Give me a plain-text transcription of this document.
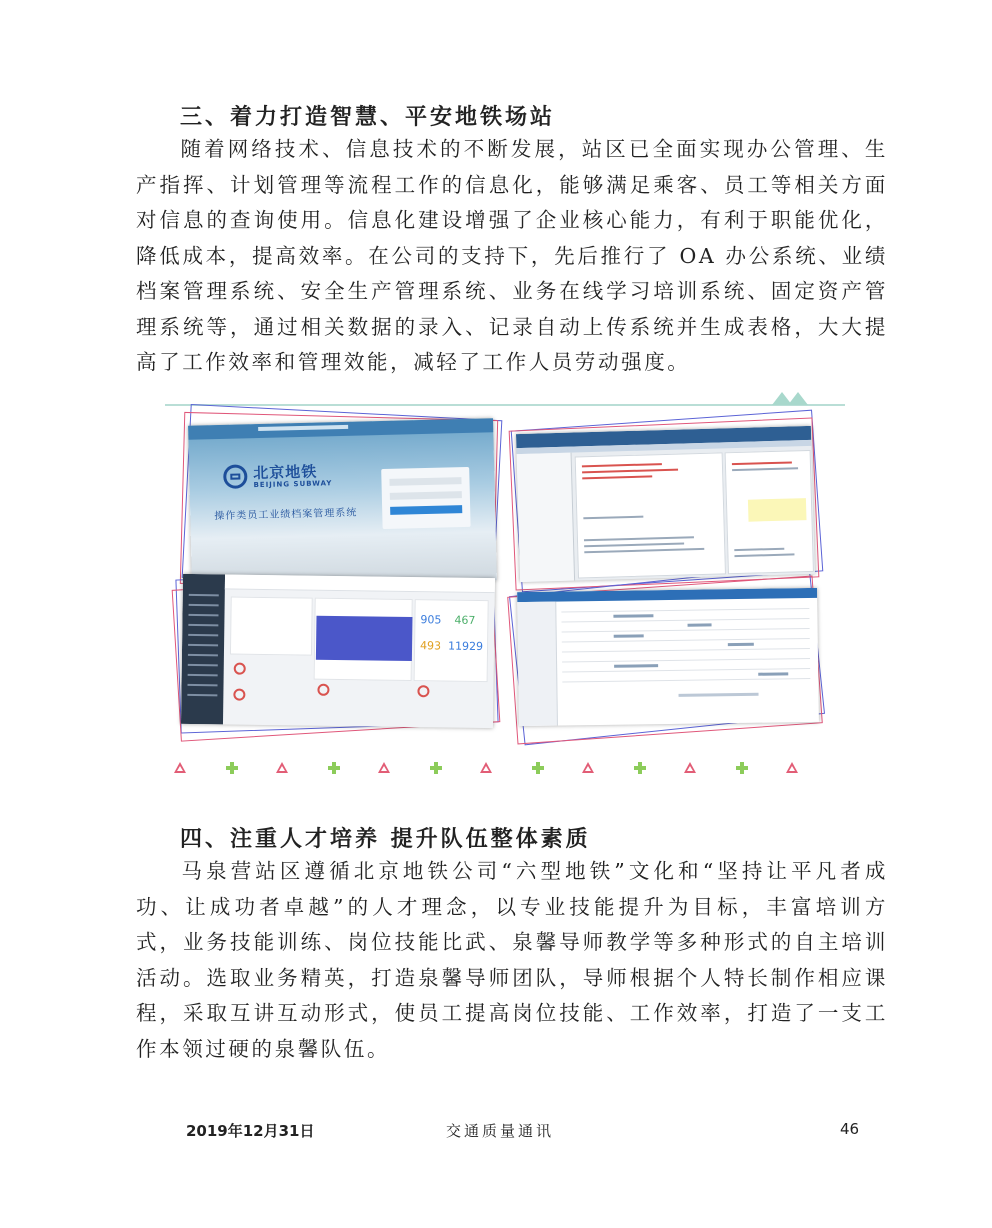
三、着力打造智慧、平安地铁场站

随着网络技术、信息技术的不断发展，站区已全面实现办公管理、生产指挥、计划管理等流程工作的信息化，能够满足乘客、员工等相关方面对信息的查询使用。信息化建设增强了企业核心能力，有利于职能优化，降低成本，提高效率。在公司的支持下，先后推行了 OA 办公系统、业绩档案管理系统、安全生产管理系统、业务在线学习培训系统、固定资产管理系统等，通过相关数据的录入、记录自动上传系统并生成表格，大大提高了工作效率和管理效能，减轻了工作人员劳动强度。

北京地铁
BEIJING SUBWAY
操作类员工业绩档案管理系统
905 467
493 11929
四、注重人才培养 提升队伍整体素质

马泉营站区遵循北京地铁公司“六型地铁”文化和“坚持让平凡者成功、让成功者卓越”的人才理念，以专业技能提升为目标，丰富培训方式，业务技能训练、岗位技能比武、泉馨导师教学等多种形式的自主培训活动。选取业务精英，打造泉馨导师团队，导师根据个人特长制作相应课程，采取互讲互动形式，使员工提高岗位技能、工作效率，打造了一支工作本领过硬的泉馨队伍。

2019年12月31日	交通质量通讯	46
